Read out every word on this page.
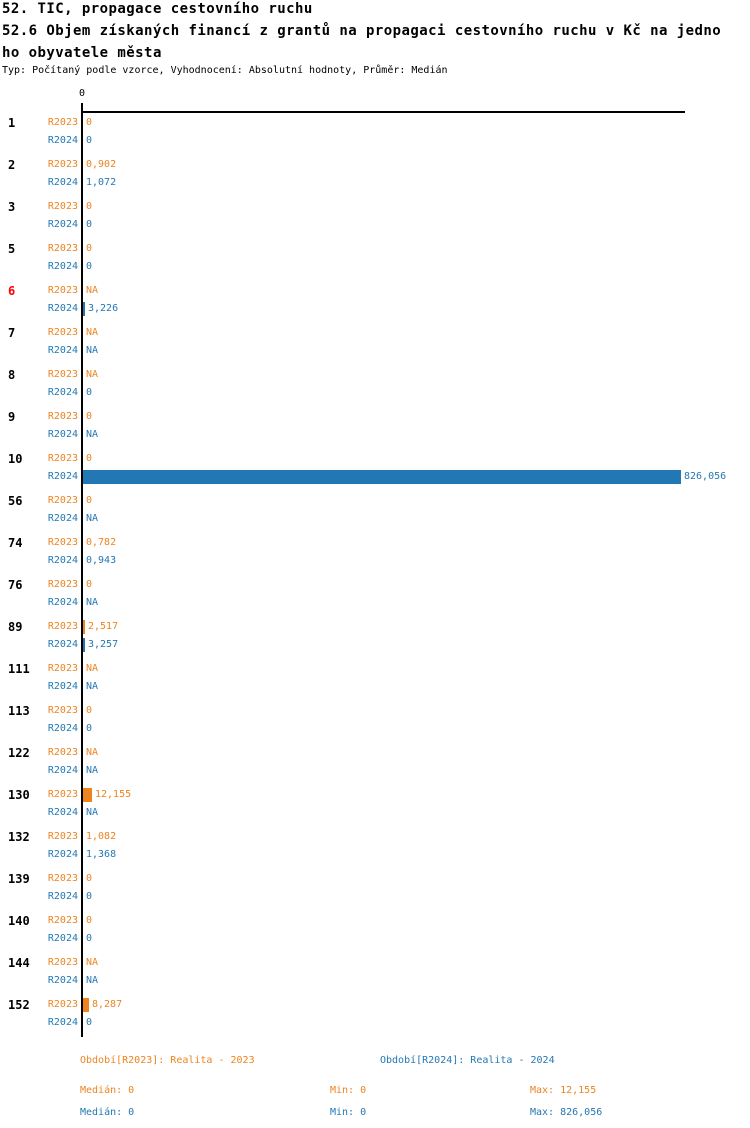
52. TIC, propagace cestovního ruchu
52.6 Objem získaných financí z grantů na propagaci cestovního ruchu v Kč na jedno
ho obyvatele města
Typ: Počítaný podle vzorce, Vyhodnocení: Absolutní hodnoty, Průměr: Medián
0
1	R2023 0
R2024 0
2	R2023 0,902
R2024 1,072
3	R2023 0
R2024 0
5	R2023 0
R2024 0
6	R2023 NA
R2024 3,226
7	R2023 NA
R2024 NA
8	R2023 NA
R2024 0
9	R2023 0
R2024 NA
10	R2023 0
R2024	826,056
56	R2023 0
R2024 NA
74	R2023 0,782
R2024 0,943
76	R2023 0
R2024 NA
89	R2023 2,517
R2024 3,257
111	R2023 NA
R2024 NA
113	R2023 0
R2024 0
122	R2023 NA
R2024 NA
130	R2023 12,155
R2024 NA
132	R2023 1,082
R2024 1,368
139	R2023 0
R2024 0
140	R2023 0
R2024 0
144	R2023 NA
R2024 NA
152	R2023 8,287
R2024 0
Období[R2023]: Realita - 2023	Období[R2024]: Realita - 2024
Medián: 0	Min: 0	Max: 12,155
Medián: 0	Min: 0	Max: 826,056
